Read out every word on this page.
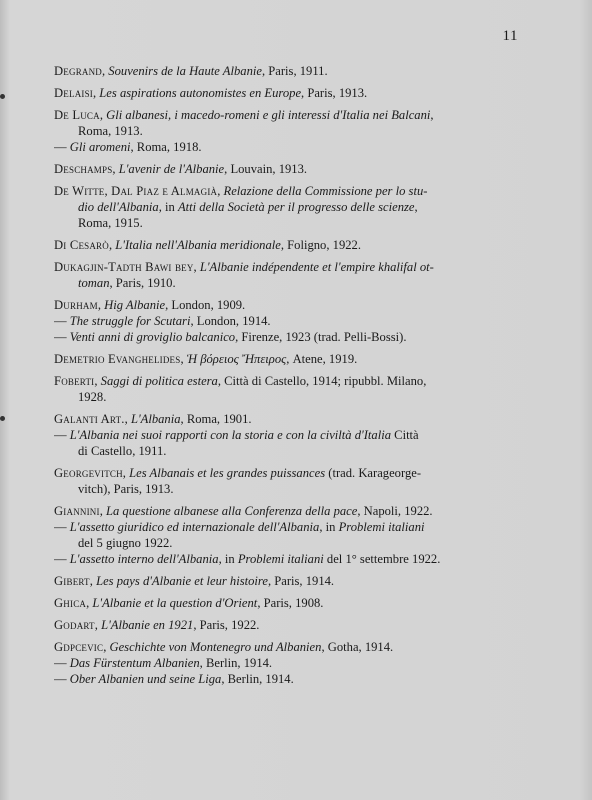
11
Degrand, Souvenirs de la Haute Albanie, Paris, 1911.
Delaisi, Les aspirations autonomistes en Europe, Paris, 1913.
De Luca, Gli albanesi, i macedo-romeni e gli interessi d'Italia nei Balcani,
Roma, 1913.
— Gli aromeni, Roma, 1918.
Deschamps, L'avenir de l'Albanie, Louvain, 1913.
De Witte, Dal Piaz e Almagià, Relazione della Commissione per lo stu-
dio dell'Albania, in Atti della Società per il progresso delle scienze,
Roma, 1915.
Di Cesarò, L'Italia nell'Albania meridionale, Foligno, 1922.
Dukagjin-Tadth Bawi bey, L'Albanie indépendente et l'empire khalifal ot-
toman, Paris, 1910.
Durham, Hig Albanie, London, 1909.
— The struggle for Scutari, London, 1914.
— Venti anni di groviglio balcanico, Firenze, 1923 (trad. Pelli-Bossi).
Demetrio Evanghelides, Ἡ βόρειος Ἤπειρος, Atene, 1919.
Foberti, Saggi di politica estera, Città di Castello, 1914; ripubbl. Milano,
1928.
Galanti Art., L'Albania, Roma, 1901.
— L'Albania nei suoi rapporti con la storia e con la civiltà d'Italia Città
di Castello, 1911.
Georgevitch, Les Albanais et les grandes puissances (trad. Karageorge-
vitch), Paris, 1913.
Giannini, La questione albanese alla Conferenza della pace, Napoli, 1922.
— L'assetto giuridico ed internazionale dell'Albania, in Problemi italiani
del 5 giugno 1922.
— L'assetto interno dell'Albania, in Problemi italiani del 1° settembre 1922.
Gibert, Les pays d'Albanie et leur histoire, Paris, 1914.
Ghica, L'Albanie et la question d'Orient, Paris, 1908.
Godart, L'Albanie en 1921, Paris, 1922.
Gdpcevic, Geschichte von Montenegro und Albanien, Gotha, 1914.
— Das Fürstentum Albanien, Berlin, 1914.
— Ober Albanien und seine Liga, Berlin, 1914.
